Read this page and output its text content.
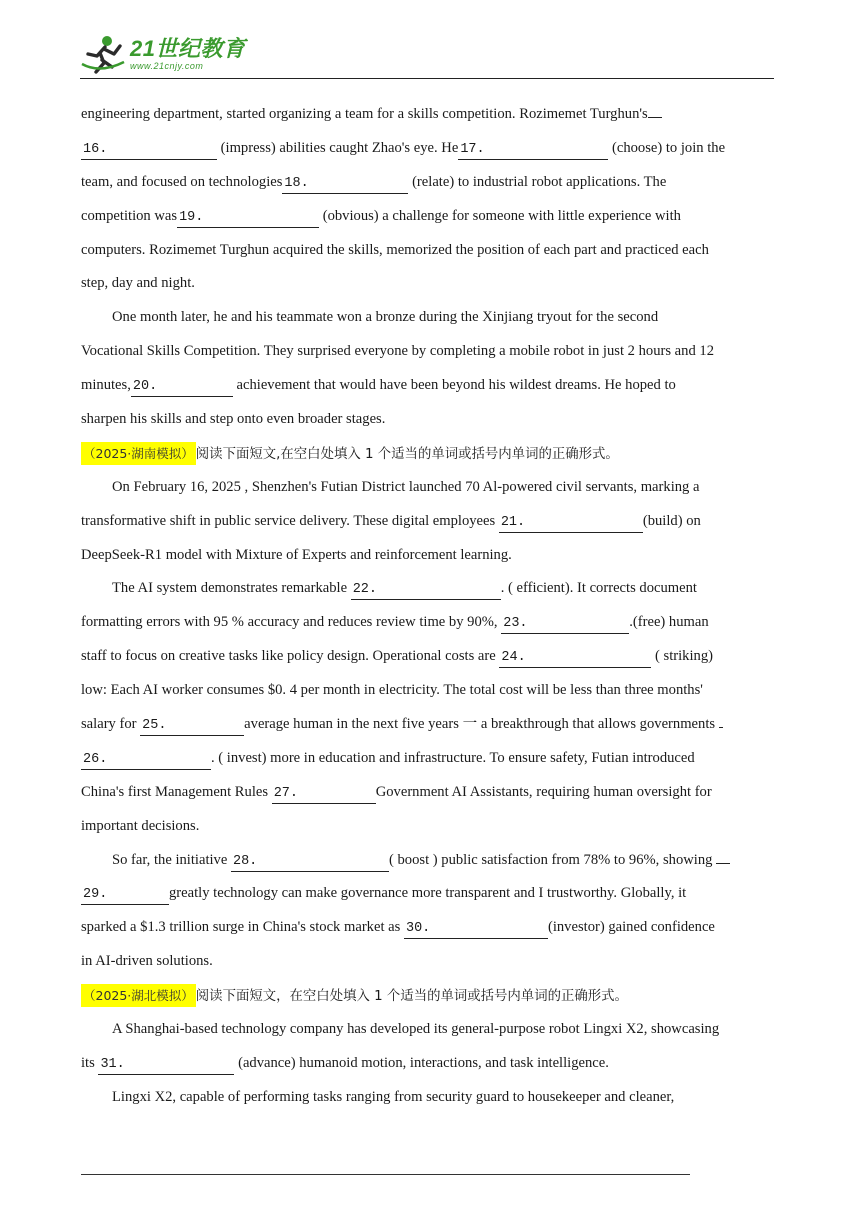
21世纪教育
www.21cnjy.com
engineering department, started organizing a team for a skills competition. Rozimemet Turghun's
16.	(impress) abilities caught Zhao's eye. He 17.	(choose) to join the
team, and focused on technologies 18.	(relate) to industrial robot applications. The
competition was 19.	(obvious) a challenge for someone with little experience with
computers. Rozimemet Turghun acquired the skills, memorized the position of each part and practiced each
step, day and night.
One month later, he and his teammate won a bronze during the Xinjiang tryout for the second
Vocational Skills Competition. They surprised everyone by completing a mobile robot in just 2 hours and 12
minutes, 20.	achievement that would have been beyond his wildest dreams. He hoped to
sharpen his skills and step onto even broader stages.
（2025·湖南模拟） 阅读下面短文,在空白处填入 1 个适当的单词或括号内单词的正确形式。
On February 16, 2025 , Shenzhen's Futian District launched 70 Al-powered civil servants, marking a
transformative shift in public service delivery. These digital employees 21.	(build) on
DeepSeek-R1 model with Mixture of Experts and reinforcement learning.
The AI system demonstrates remarkable 22.	. ( efficient). It corrects document
formatting errors with 95 % accuracy and reduces review time by 90%, 23.	.(free) human
staff to focus on creative tasks like policy design. Operational costs are 24.	( striking)
low: Each AI worker consumes $0. 4 per month in electricity. The total cost will be less than three months'
salary for 25.	average human in the next five years 一 a breakthrough that allows governments
26.	. ( invest) more in education and infrastructure. To ensure safety, Futian introduced
China's first Management Rules 27.	Government AI Assistants, requiring human oversight for
important decisions.
So far, the initiative 28.	( boost ) public satisfaction from 78% to 96%, showing
29.	greatly technology can make governance more transparent and I trustworthy. Globally, it
sparked a $1.3 trillion surge in China's stock market as 30.	(investor) gained confidence
in AI-driven solutions.
（2025·湖北模拟） 阅读下面短文，在空白处填入 1 个适当的单词或括号内单词的正确形式。
A Shanghai-based technology company has developed its general-purpose robot Lingxi X2, showcasing
its 31.	(advance) humanoid motion, interactions, and task intelligence.
Lingxi X2, capable of performing tasks ranging from security guard to housekeeper and cleaner,
